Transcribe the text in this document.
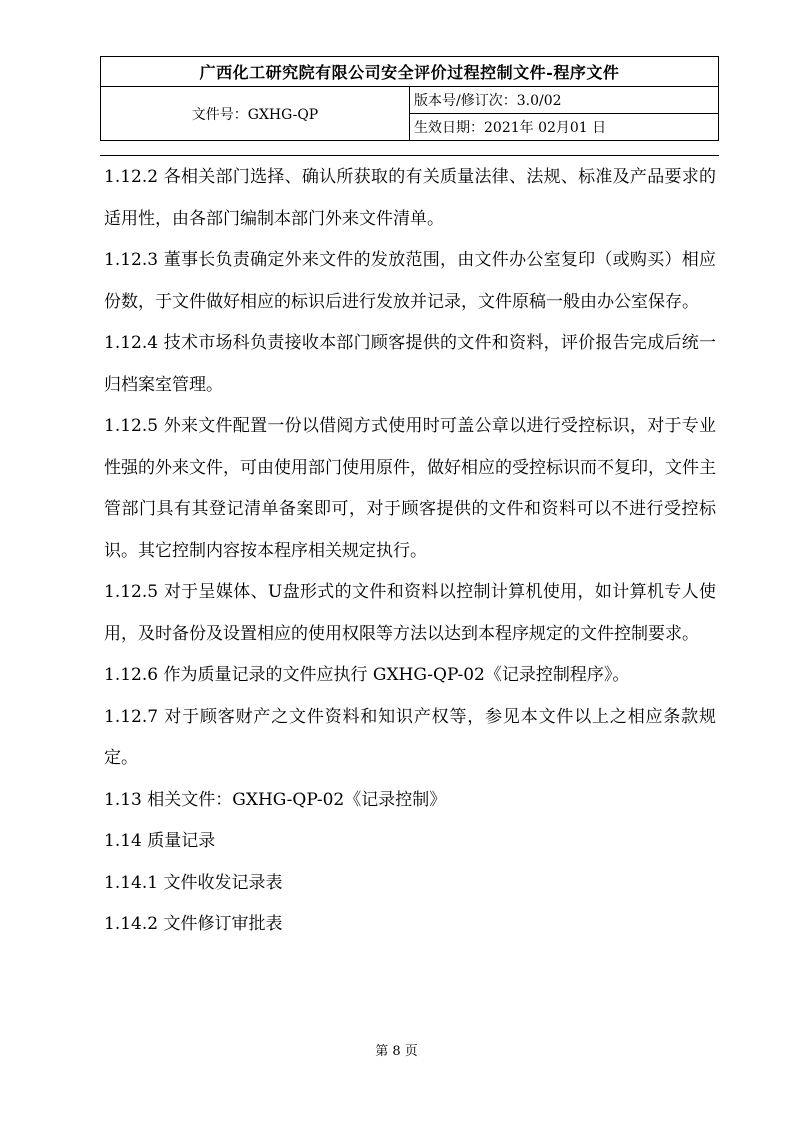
广西化工研究院有限公司安全评价过程控制文件-程序文件
文件号：GXHG-QP	版本号/修订次：3.0/02
生效日期：2021年 02月01 日

1.12.2 各相关部门选择、确认所获取的有关质量法律、法规、标准及产品要求的适用性，由各部门编制本部门外来文件清单。

1.12.3 董事长负责确定外来文件的发放范围，由文件办公室复印（或购买）相应份数，于文件做好相应的标识后进行发放并记录，文件原稿一般由办公室保存。

1.12.4 技术市场科负责接收本部门顾客提供的文件和资料，评价报告完成后统一归档案室管理。

1.12.5 外来文件配置一份以借阅方式使用时可盖公章以进行受控标识，对于专业性强的外来文件，可由使用部门使用原件，做好相应的受控标识而不复印，文件主管部门具有其登记清单备案即可，对于顾客提供的文件和资料可以不进行受控标识。其它控制内容按本程序相关规定执行。

1.12.5 对于呈媒体、U盘形式的文件和资料以控制计算机使用，如计算机专人使用，及时备份及设置相应的使用权限等方法以达到本程序规定的文件控制要求。

1.12.6 作为质量记录的文件应执行 GXHG-QP-02《记录控制程序》。

1.12.7 对于顾客财产之文件资料和知识产权等，参见本文件以上之相应条款规定。

1.13 相关文件：GXHG-QP-02《记录控制》

1.14 质量记录

1.14.1 文件收发记录表

1.14.2 文件修订审批表

第 8 页
